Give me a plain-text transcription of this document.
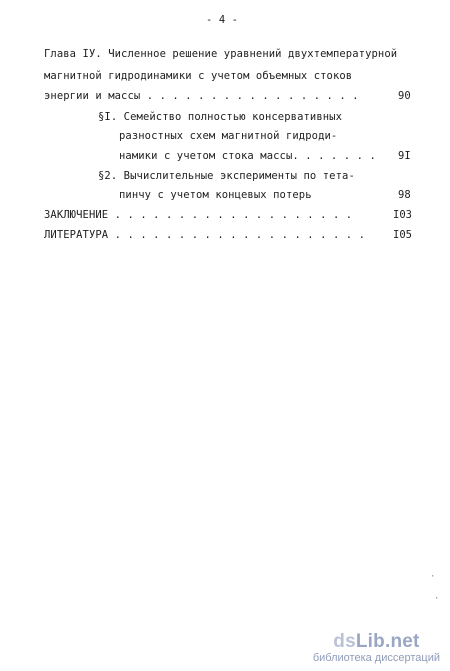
- 4 -
Глава IУ. Численное решение уравнений двухтемпературной
магнитной гидродинамики с учетом объемных стоков
энергии и массы . . . . . . . . . . . . . . . . .	90
§I. Семейство полностью консервативных
разностных схем магнитной гидроди-
намики с учетом стока массы. . . . . . . 9I
§2. Вычислительные эксперименты по тета-
пинчу с учетом концевых потерь	98
ЗАКЛЮЧЕНИЕ . . . . . . . . . . . . . . . . . . .	I03
ЛИТЕРАТУРА . . . . . . . . . . . . . . . . . . . .	I05
·
·
dsLib.net
библиотека диссертаций
